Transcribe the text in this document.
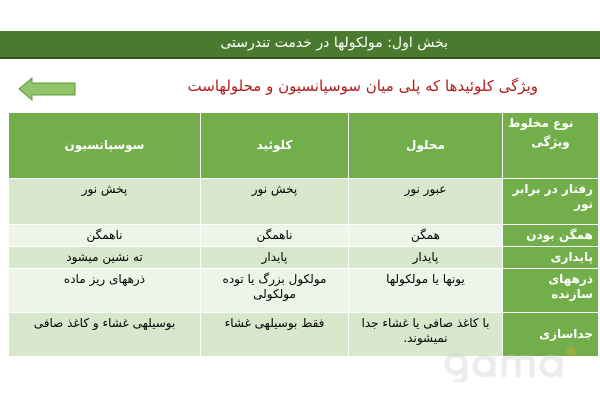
بخش اول: مولکولها در خدمت تندرستی
ویژگی کلوئیدها که پلی میان سوسپانسیون و محلولهاست
نوع مخلوط
ویژگی	محلول	کلوئید	سوسپانسیون
رفتار در برابر نور	عبور نور	پخش نور	پخش نور
همگن بودن	همگن	ناهمگن	ناهمگن
پایداری	پایدار	پایدار	ته نشین میشود
ذرههای سازنده	یونها یا مولکولها	مولکول بزرگ یا توده مولکولی	ذرههای ریز ماده
جداسازی	با کاغذ صافی یا غشاء جدا نمیشوند.	فقط بوسیلهی غشاء	بوسیلهی غشاء و کاغذ صافی
